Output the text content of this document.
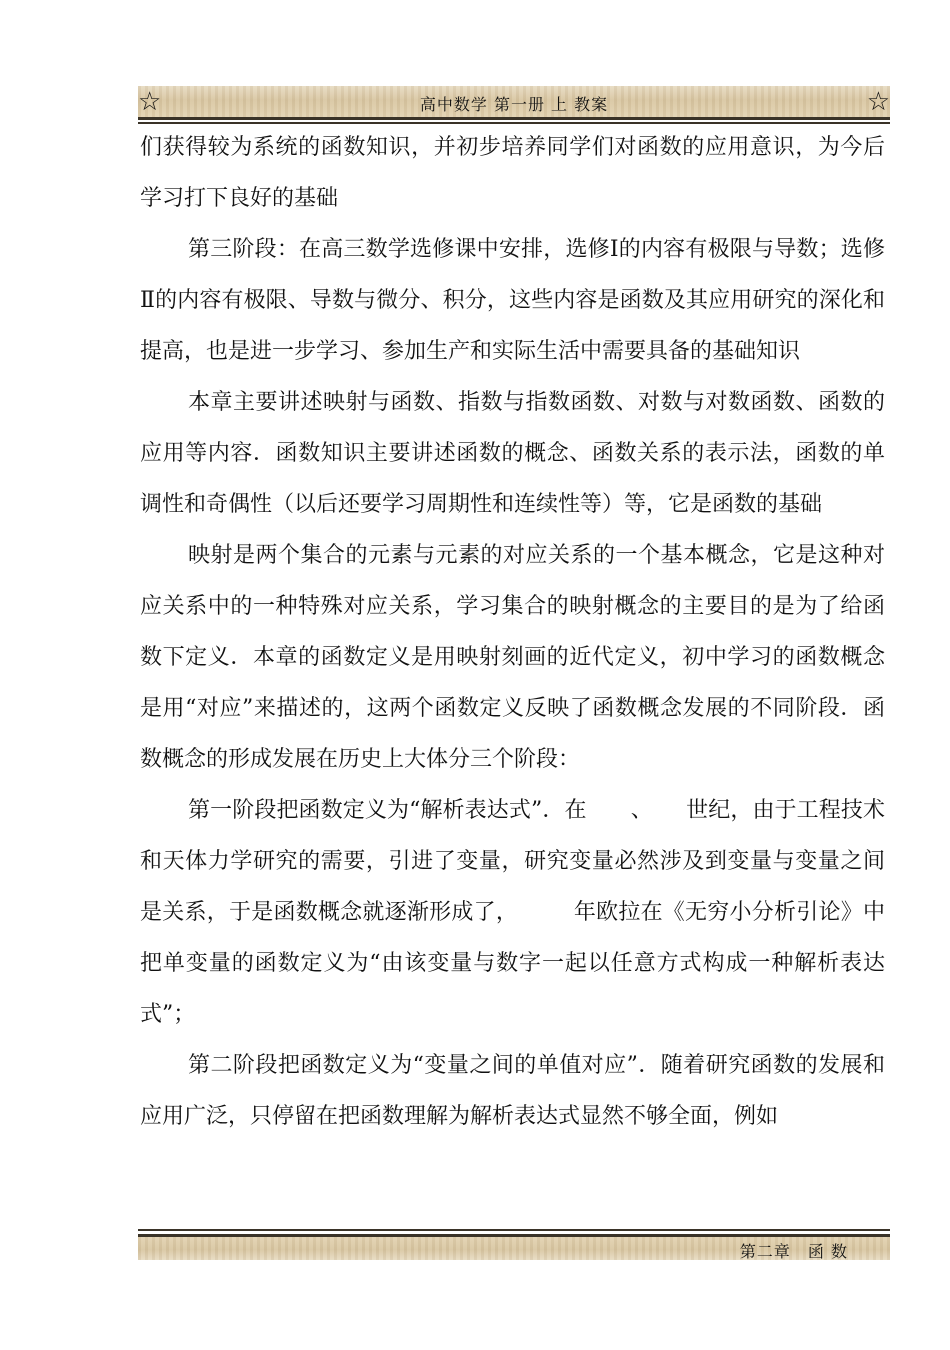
☆	高中数学 第一册 上 教案	☆

们获得较为系统的函数知识，并初步培养同学们对函数的应用意识，为今后学习打下良好的基础

第三阶段：在高三数学选修课中安排，选修Ⅰ的内容有极限与导数；选修Ⅱ的内容有极限、导数与微分、积分，这些内容是函数及其应用研究的深化和提高，也是进一步学习、参加生产和实际生活中需要具备的基础知识

本章主要讲述映射与函数、指数与指数函数、对数与对数函数、函数的应用等内容．函数知识主要讲述函数的概念、函数关系的表示法，函数的单调性和奇偶性（以后还要学习周期性和连续性等）等，它是函数的基础

映射是两个集合的元素与元素的对应关系的一个基本概念，它是这种对应关系中的一种特殊对应关系，学习集合的映射概念的主要目的是为了给函数下定义．本章的函数定义是用映射刻画的近代定义，初中学习的函数概念是用“对应”来描述的，这两个函数定义反映了函数概念发展的不同阶段．函数概念的形成发展在历史上大体分三个阶段：

第一阶段把函数定义为“解析表达式”．在　　、　　世纪，由于工程技术和天体力学研究的需要，引进了变量，研究变量必然涉及到变量与变量之间是关系，于是函数概念就逐渐形成了，　　　年欧拉在《无穷小分析引论》中把单变量的函数定义为“由该变量与数字一起以任意方式构成一种解析表达式”；

第二阶段把函数定义为“变量之间的单值对应”．随着研究函数的发展和应用广泛，只停留在把函数理解为解析表达式显然不够全面，例如

第二章　函 数
